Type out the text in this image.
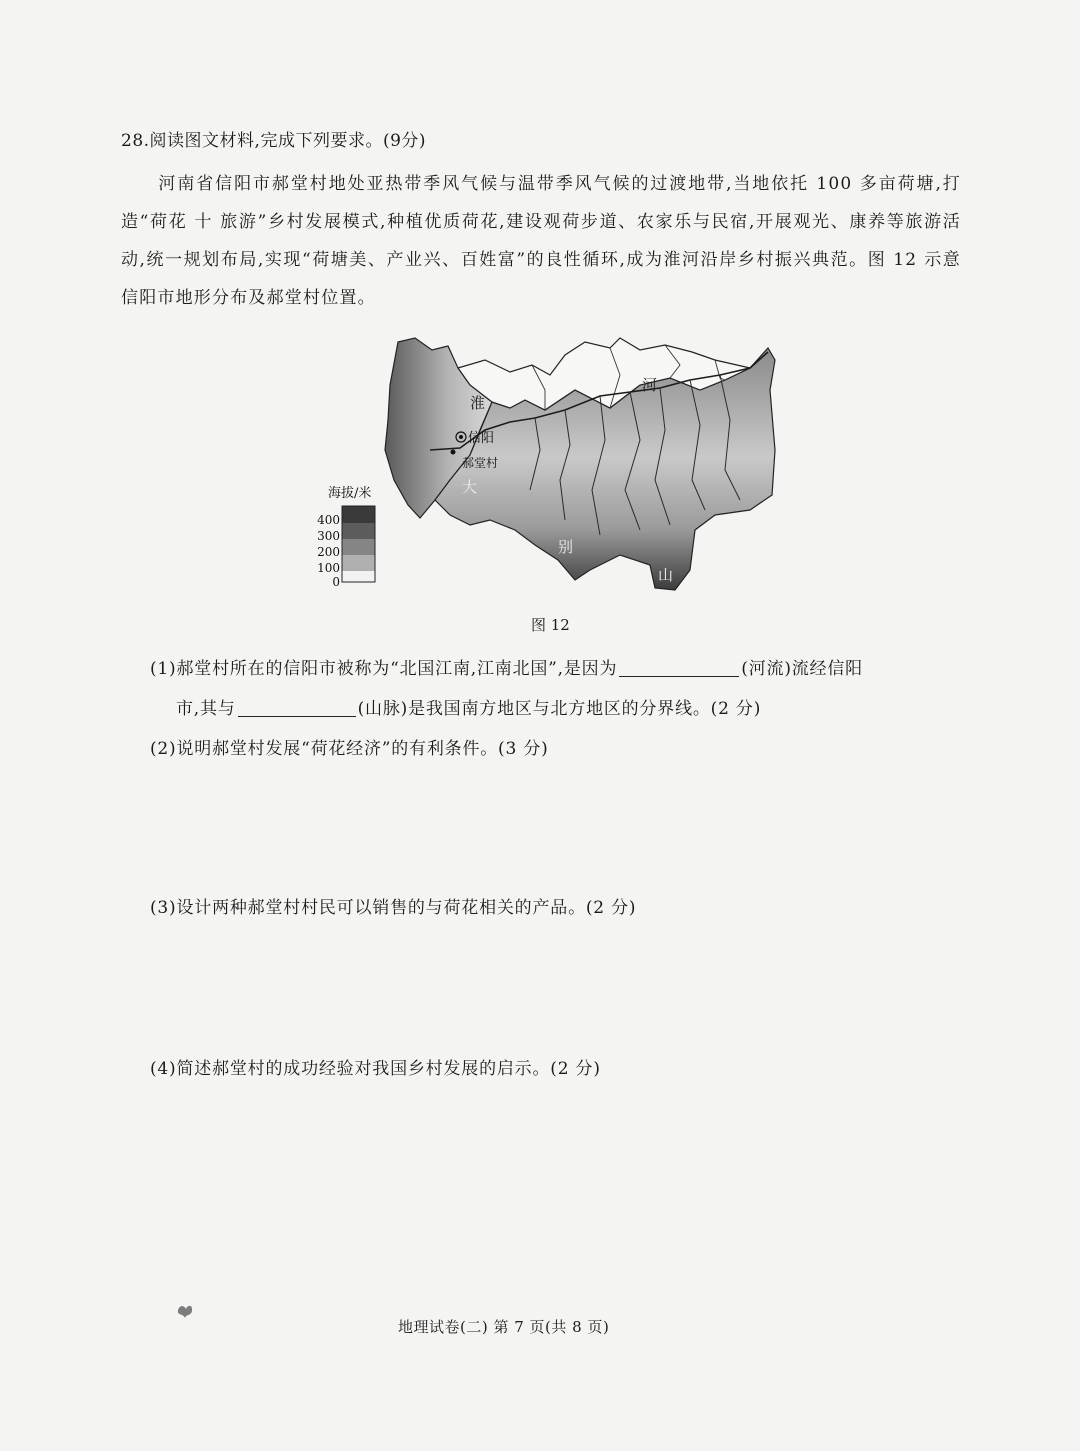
28.阅读图文材料,完成下列要求。(9分)

河南省信阳市郝堂村地处亚热带季风气候与温带季风气候的过渡地带,当地依托 100 多亩荷塘,打造“荷花 十 旅游”乡村发展模式,种植优质荷花,建设观荷步道、农家乐与民宿,开展观光、康养等旅游活动,统一规划布局,实现“荷塘美、产业兴、百姓富”的良性循环,成为淮河沿岸乡村振兴典范。图 12 示意信阳市地形分布及郝堂村位置。

淮
河
信阳
郝堂村
大
别
山
海拔/米
400
300
200
100
0
图 12
(1)郝堂村所在的信阳市被称为“北国江南,江南北国”,是因为	(河流)流经信阳
市,其与	(山脉)是我国南方地区与北方地区的分界线。(2 分)
(2)说明郝堂村发展“荷花经济”的有利条件。(3 分)
(3)设计两种郝堂村村民可以销售的与荷花相关的产品。(2 分)
(4)简述郝堂村的成功经验对我国乡村发展的启示。(2 分)
地理试卷(二) 第 7 页(共 8 页)
